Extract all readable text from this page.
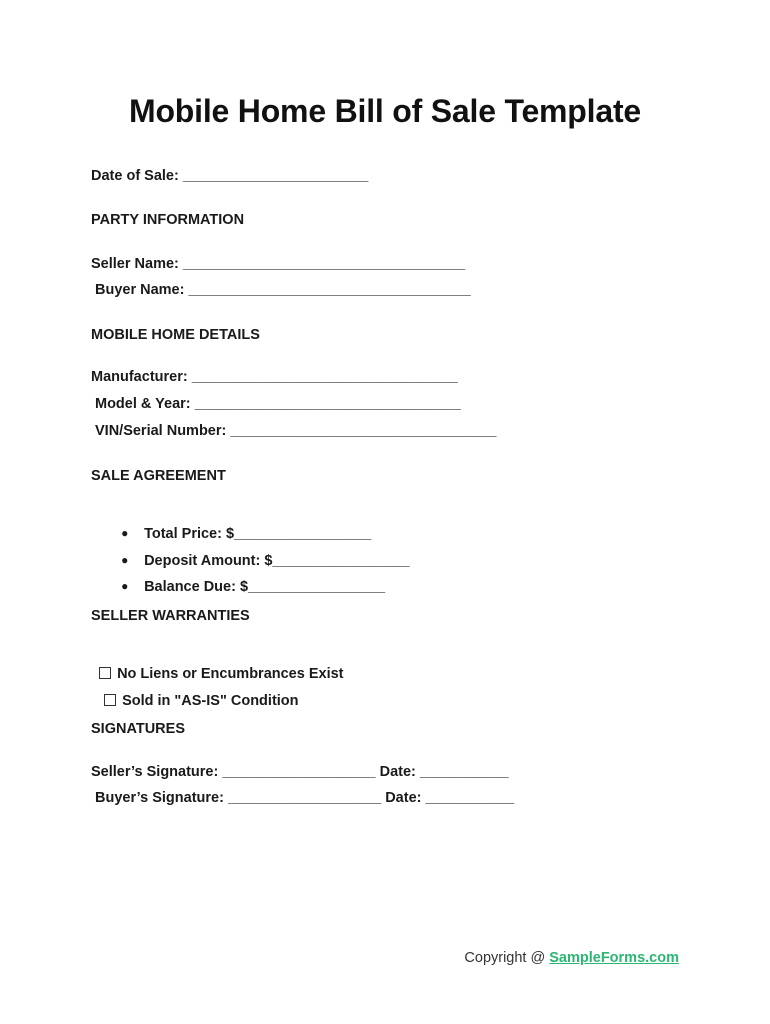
Mobile Home Bill of Sale Template
Date of Sale: _______________________
PARTY INFORMATION
Seller Name: ___________________________________
Buyer Name: ___________________________________
MOBILE HOME DETAILS
Manufacturer: _________________________________
Model & Year: _________________________________
VIN/Serial Number: _________________________________
SALE AGREEMENT

● Total Price: $_________________

● Deposit Amount: $_________________

● Balance Due: $_________________

SELLER WARRANTIES

No Liens or Encumbrances Exist

Sold in "AS-IS" Condition

SIGNATURES
Seller’s Signature: ___________________ Date: ___________
Buyer’s Signature: ___________________ Date: ___________
Copyright @ SampleForms.com
